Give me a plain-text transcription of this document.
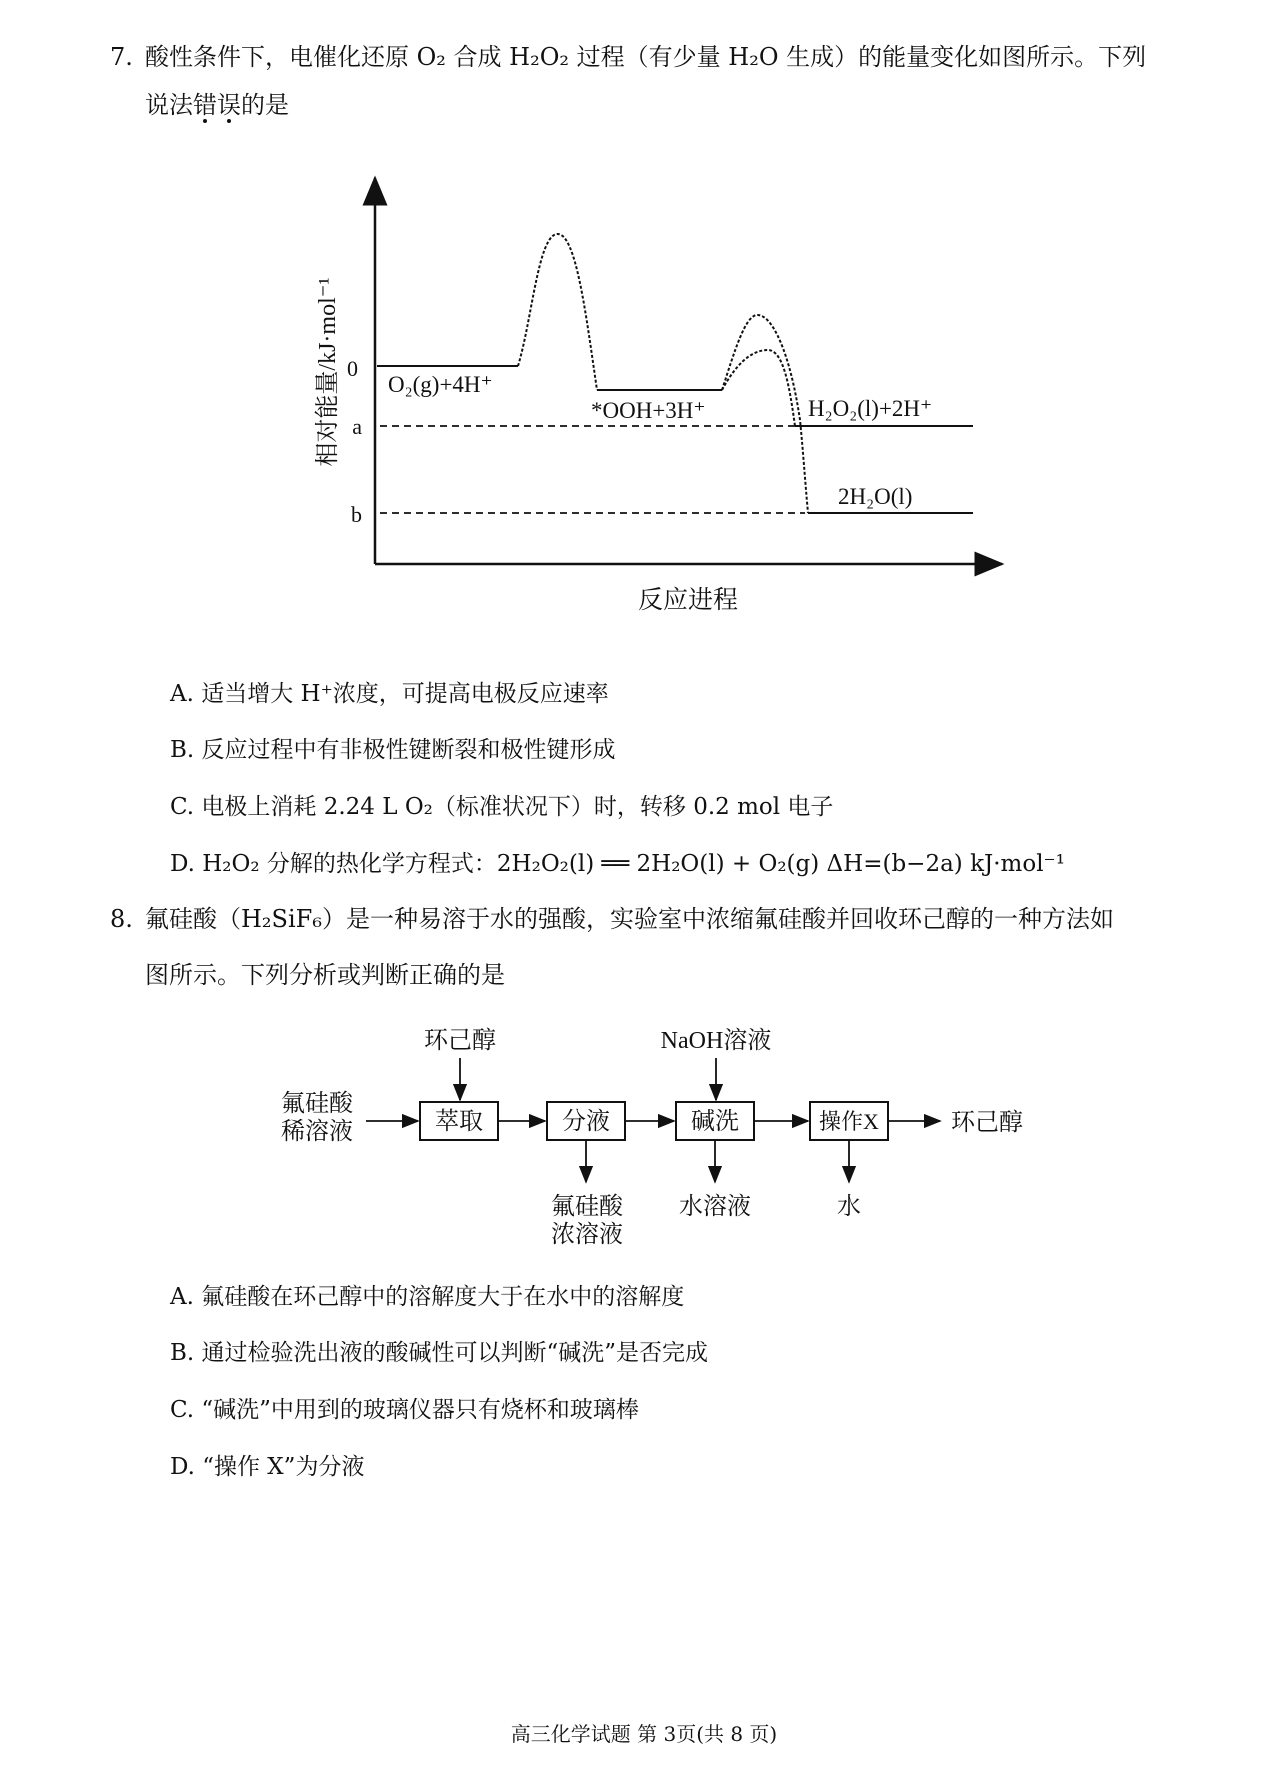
7. 酸性条件下，电催化还原 O₂ 合成 H₂O₂ 过程（有少量 H₂O 生成）的能量变化如图所示。下列
说法错误的是
相对能量/kJ·mol⁻¹ 0
a
b
O₂(g)+4H⁺
*OOH+3H⁺	H₂O₂(l)+2H⁺
2H₂O(l)
反应进程
A. 适当增大 H⁺浓度，可提高电极反应速率
B. 反应过程中有非极性键断裂和极性键形成
C. 电极上消耗 2.24 L O₂（标准状况下）时，转移 0.2 mol 电子
D. H₂O₂ 分解的热化学方程式：2H₂O₂(l) ══ 2H₂O(l) + O₂(g) ΔH=(b−2a) kJ·mol⁻¹
8. 氟硅酸（H₂SiF₆）是一种易溶于水的强酸，实验室中浓缩氟硅酸并回收环己醇的一种方法如
图所示。下列分析或判断正确的是
氟硅酸
稀溶液
环己醇	NaOH溶液
萃取	分液	碱洗	操作X	环己醇
氟硅酸
浓溶液
水溶液	水
A. 氟硅酸在环己醇中的溶解度大于在水中的溶解度
B. 通过检验洗出液的酸碱性可以判断“碱洗”是否完成
C. “碱洗”中用到的玻璃仪器只有烧杯和玻璃棒
D. “操作 X”为分液
高三化学试题 第 3页(共 8 页)
